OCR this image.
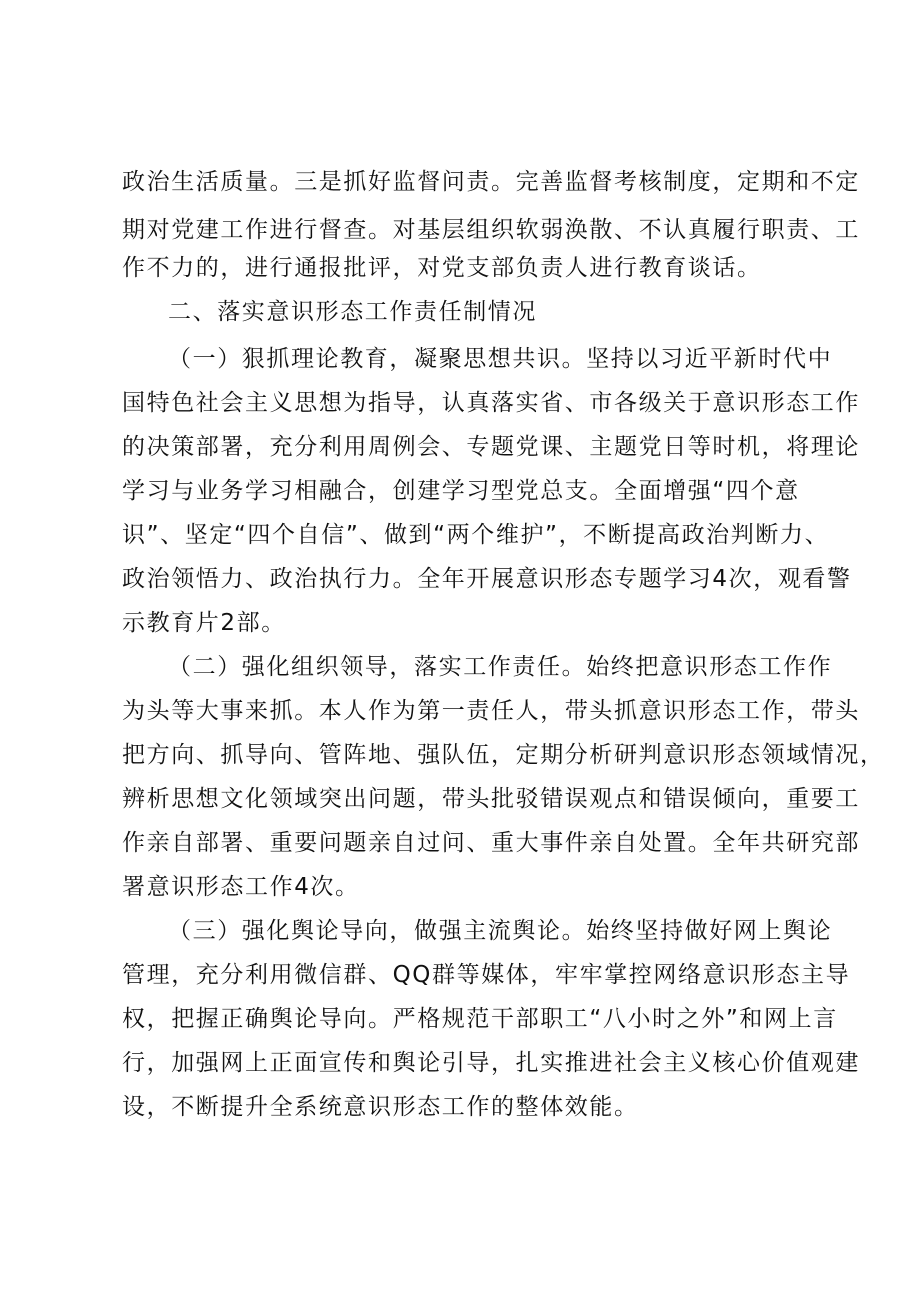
政治生活质量。三是抓好监督问责。完善监督考核制度，定期和不定
期对党建工作进行督查。对基层组织软弱涣散、不认真履行职责、工
作不力的，进行通报批评，对党支部负责人进行教育谈话。
二、落实意识形态工作责任制情况
（一）狠抓理论教育，凝聚思想共识。坚持以习近平新时代中
国特色社会主义思想为指导，认真落实省、市各级关于意识形态工作
的决策部署，充分利用周例会、专题党课、主题党日等时机，将理论
学习与业务学习相融合，创建学习型党总支。全面增强“四个意
识”、坚定“四个自信”、做到“两个维护”，不断提高政治判断力、
政治领悟力、政治执行力。全年开展意识形态专题学习4次，观看警
示教育片2部。
（二）强化组织领导，落实工作责任。始终把意识形态工作作
为头等大事来抓。本人作为第一责任人，带头抓意识形态工作，带头
把方向、抓导向、管阵地、强队伍，定期分析研判意识形态领域情况，
辨析思想文化领域突出问题，带头批驳错误观点和错误倾向，重要工
作亲自部署、重要问题亲自过问、重大事件亲自处置。全年共研究部
署意识形态工作4次。
（三）强化舆论导向，做强主流舆论。始终坚持做好网上舆论
管理，充分利用微信群、QQ群等媒体，牢牢掌控网络意识形态主导
权，把握正确舆论导向。严格规范干部职工“八小时之外”和网上言
行，加强网上正面宣传和舆论引导，扎实推进社会主义核心价值观建
设，不断提升全系统意识形态工作的整体效能。
